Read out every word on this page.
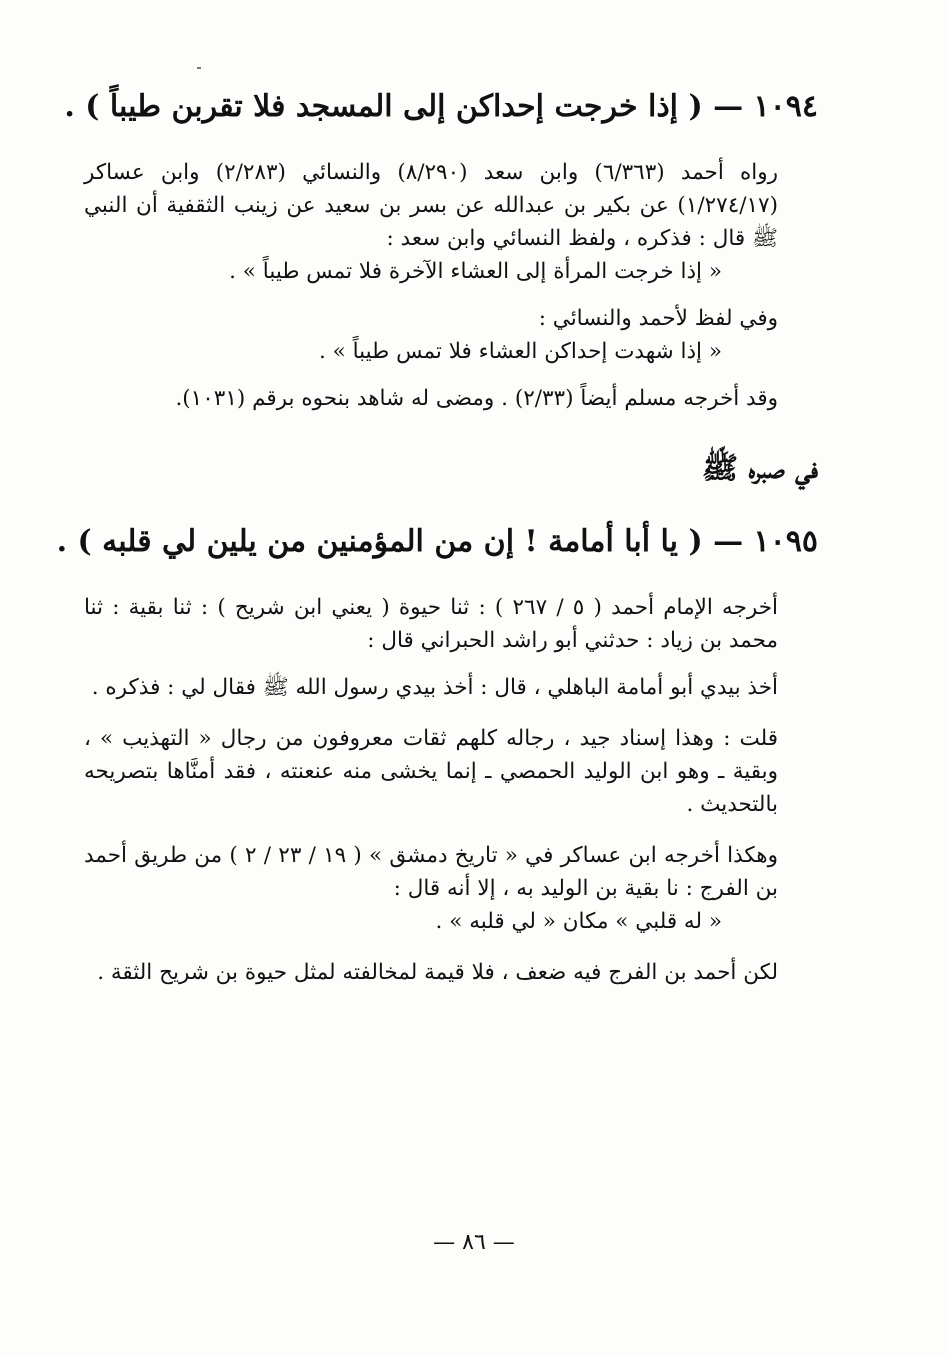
١٠٩٤ — ( إذا خرجت إحداكن إلى المسجد فلا تقربن طيباً ) .

رواه أحمد (٦/٣٦٣) وابن سعد (٨/٢٩٠) والنسائي (٢/٢٨٣) وابن عساكر (١/٢٧٤/١٧) عن بكير بن عبدالله عن بسر بن سعيد عن زينب الثقفية أن النبي ﷺ قال : فذكره ، ولفظ النسائي وابن سعد :

« إذا خرجت المرأة إلى العشاء الآخرة فلا تمس طيباً » .

وفي لفظ لأحمد والنسائي :

« إذا شهدت إحداكن العشاء فلا تمس طيباً » .

وقد أخرجه مسلم أيضاً (٢/٣٣) . ومضى له شاهد بنحوه برقم (١٠٣١).

في صبره ﷺ
١٠٩٥ — ( يا أبا أمامة ! إن من المؤمنين من يلين لي قلبه ) .

أخرجه الإمام أحمد ( ٥ / ٢٦٧ ) : ثنا حيوة ( يعني ابن شريح ) : ثنا بقية : ثنا محمد بن زياد : حدثني أبو راشد الحبراني قال :

أخذ بيدي أبو أمامة الباهلي ، قال : أخذ بيدي رسول الله ﷺ فقال لي : فذكره .

قلت : وهذا إسناد جيد ، رجاله كلهم ثقات معروفون من رجال « التهذيب » ، وبقية ـ وهو ابن الوليد الحمصي ـ إنما يخشى منه عنعنته ، فقد أمنَّاها بتصريحه بالتحديث .

وهكذا أخرجه ابن عساكر في « تاريخ دمشق » ( ١٩ / ٢٣ / ٢ ) من طريق أحمد بن الفرج : نا بقية بن الوليد به ، إلا أنه قال :

« له قلبي » مكان « لي قلبه » .

لكن أحمد بن الفرج فيه ضعف ، فلا قيمة لمخالفته لمثل حيوة بن شريح الثقة .

— ٨٦ —
